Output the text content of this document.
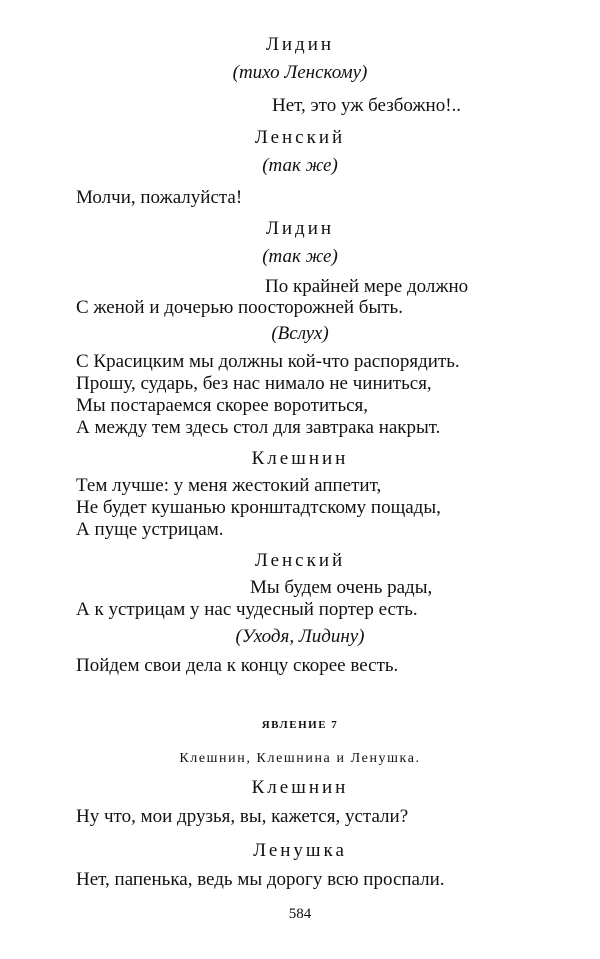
Лидин
(тихо Ленскому)
Нет, это уж безбожно!..
Ленский
(так же)
Молчи, пожалуйста!
Лидин
(так же)
По крайней мере должно
С женой и дочерью поосторожней быть.
(Вслух)
С Красицким мы должны кой-что распорядить.
Прошу, сударь, без нас нимало не чиниться,
Мы постараемся скорее воротиться,
А между тем здесь стол для завтрака накрыт.
Клешнин
Тем лучше: у меня жестокий аппетит,
Не будет кушанью кронштадтскому пощады,
А пуще устрицам.
Ленский
Мы будем очень рады,
А к устрицам у нас чудесный портер есть.
(Уходя, Лидину)
Пойдем свои дела к концу скорее весть.
ЯВЛЕНИЕ 7
Клешнин, Клешнина и Ленушка.
Клешнин
Ну что, мои друзья, вы, кажется, устали?
Ленушка
Нет, папенька, ведь мы дорогу всю проспали.
584
